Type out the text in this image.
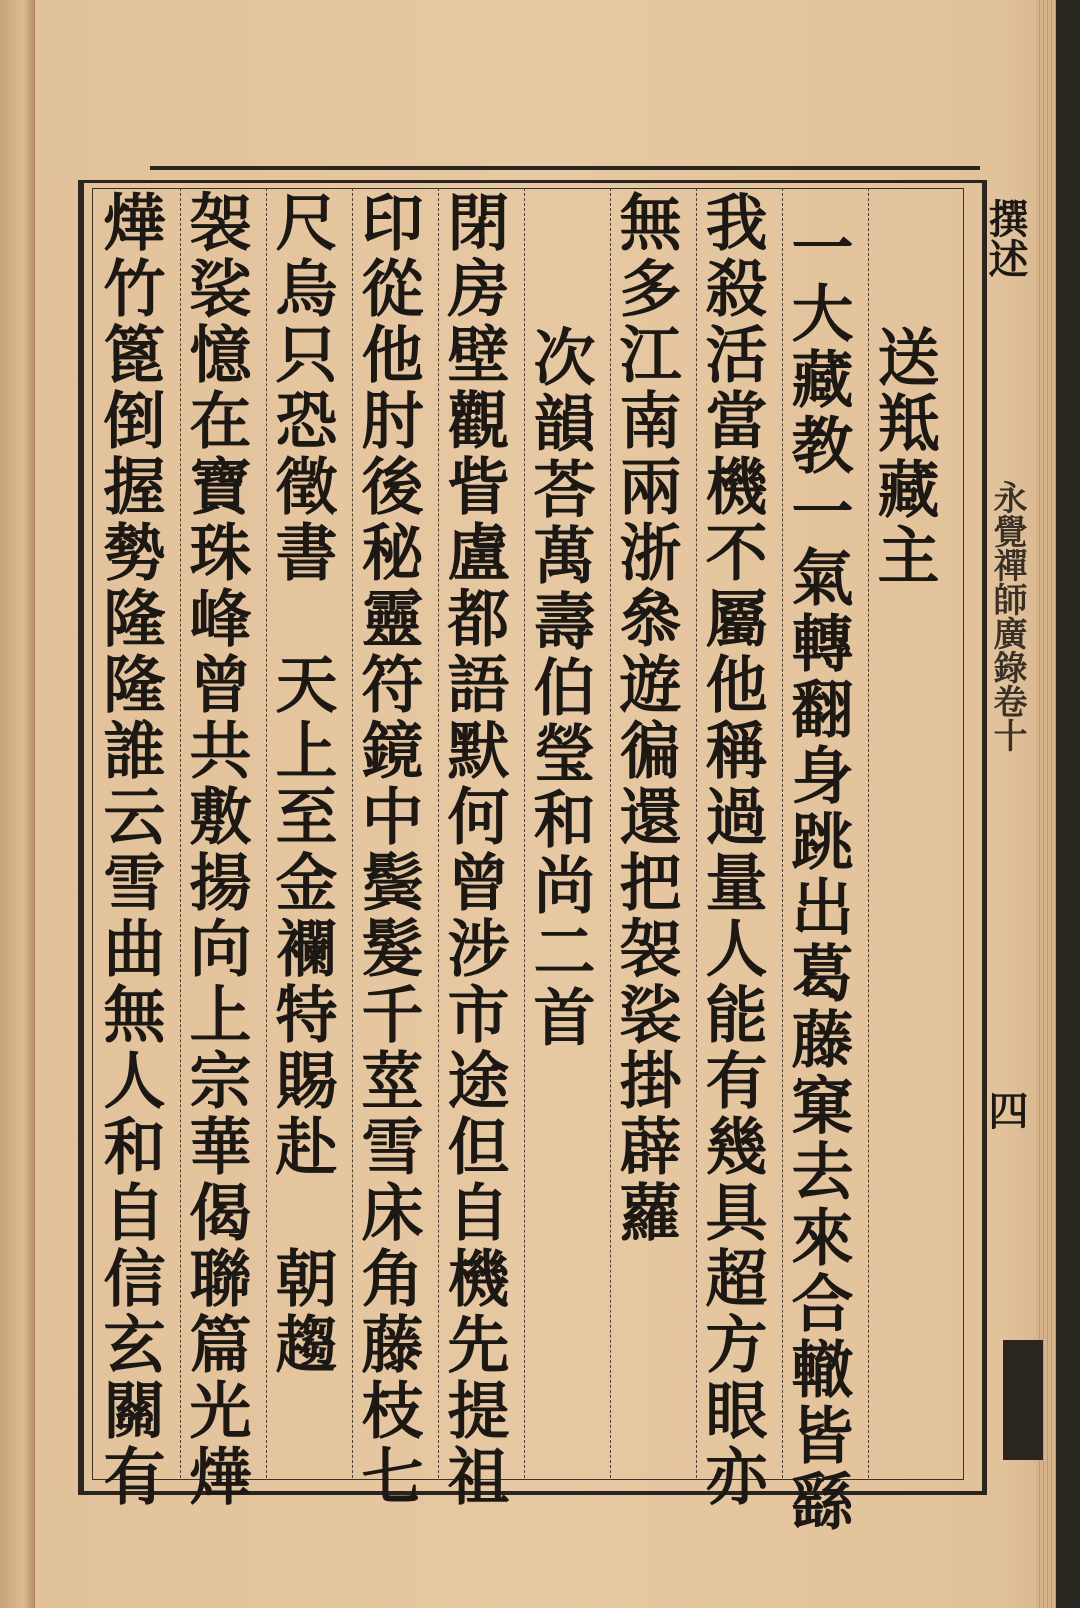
送羝藏主
一大藏教一氣轉翻身跳出葛藤窠去來合轍皆繇
我殺活當機不屬他稱過量人能有幾具超方眼亦
無多江南兩浙叅遊徧還把袈裟掛薜蘿
次韻荅萬壽伯瑩和尚二首
閉房壁觀眥盧都語默何曾涉市途但自機先提祖
印從他肘後秘靈符鏡中鬓髮千莖雪床角藤枝七
尺烏只恐徵書　天上至金襴特賜赴　朝趨
袈裟憶在寶珠峰曾共敷揚向上宗華偈聯篇光燁
燁竹篦倒握勢隆隆誰云雪曲無人和自信玄關有	撰述
永覺禪師廣錄卷十
四
